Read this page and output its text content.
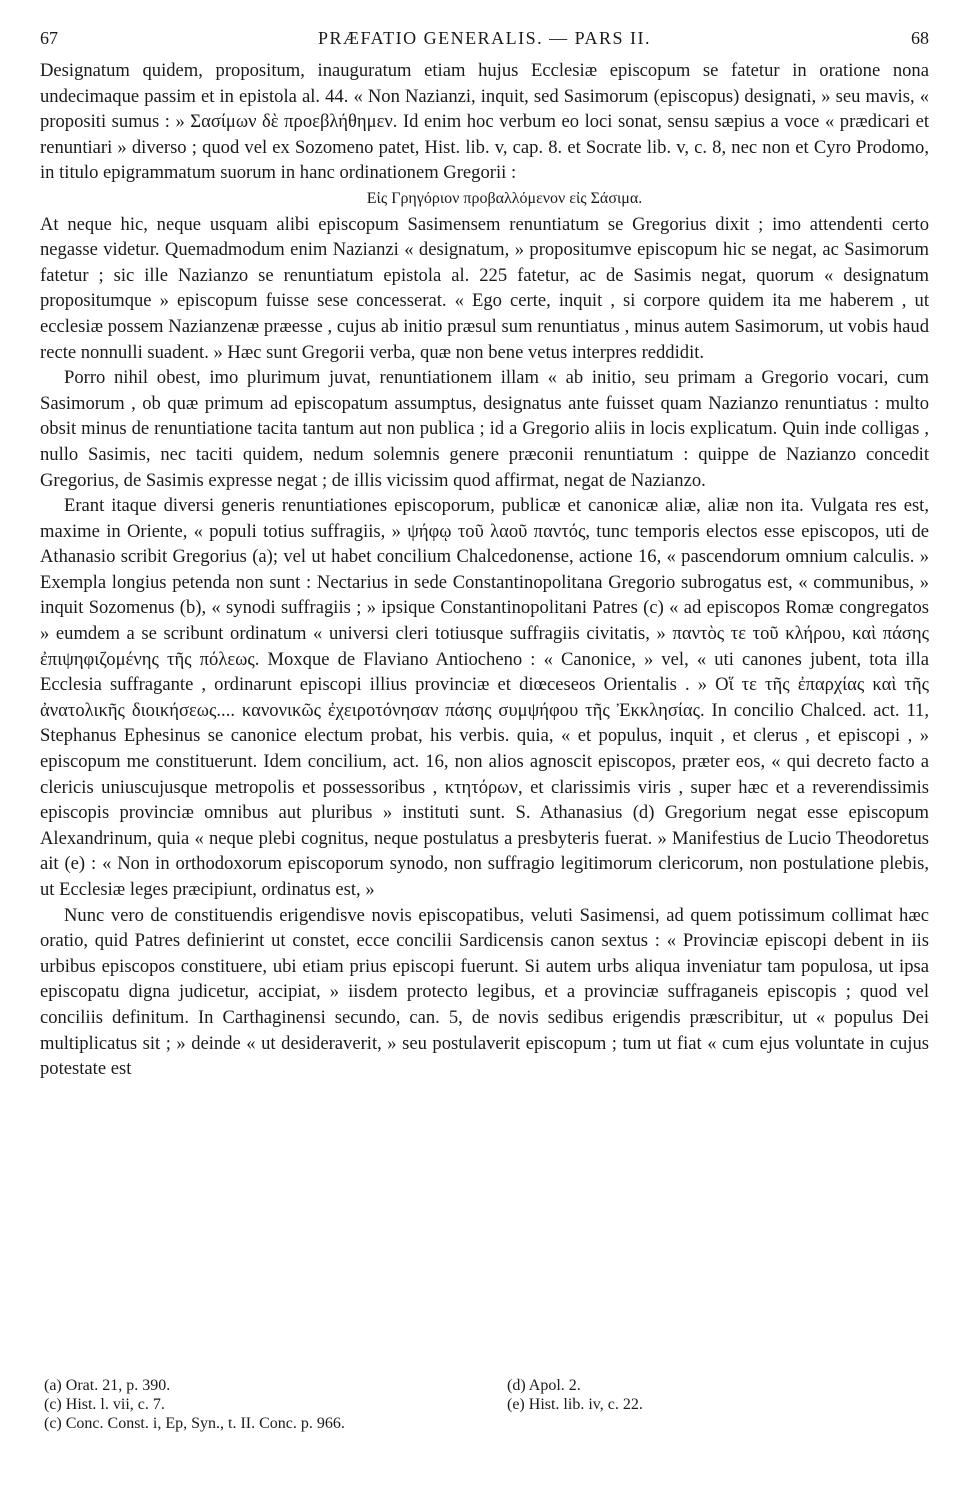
67	PRÆFATIO GENERALIS. — PARS II.	68

Designatum quidem, propositum, inauguratum etiam hujus Ecclesiæ episcopum se fatetur in oratione nona undecimaque passim et in epistola al. 44. « Non Nazianzi, inquit, sed Sasimorum (episcopus) designati, » seu mavis, « propositi sumus : » Σασίμων δὲ προεβλήθημεν. Id enim hoc verbum eo loci sonat, sensu sæpius a voce « prædicari et renuntiari » diverso ; quod vel ex Sozomeno patet, Hist. lib. v, cap. 8. et Socrate lib. v, c. 8, nec non et Cyro Prodomo, in titulo epigrammatum suorum in hanc ordinationem Gregorii :

Εἰς Γρηγόριον προβαλλόμενον εἰς Σάσιμα.

At neque hic, neque usquam alibi episcopum Sasimensem renuntiatum se Gregorius dixit ; imo attendenti certo negasse videtur. Quemadmodum enim Nazianzi « designatum, » propositumve episcopum hic se negat, ac Sasimorum fatetur ; sic ille Nazianzo se renuntiatum epistola al. 225 fatetur, ac de Sasimis negat, quorum « designatum propositumque » episcopum fuisse sese concesserat. « Ego certe, inquit , si corpore quidem ita me haberem , ut ecclesiæ possem Nazianzenæ præesse , cujus ab initio præsul sum renuntiatus , minus autem Sasimorum, ut vobis haud recte nonnulli suadent. » Hæc sunt Gregorii verba, quæ non bene vetus interpres reddidit.

Porro nihil obest, imo plurimum juvat, renuntiationem illam « ab initio, seu primam a Gregorio vocari, cum Sasimorum , ob quæ primum ad episcopatum assumptus, designatus ante fuisset quam Nazianzo renuntiatus : multo obsit minus de renuntiatione tacita tantum aut non publica ; id a Gregorio aliis in locis explicatum. Quin inde colligas , nullo Sasimis, nec taciti quidem, nedum solemnis genere præconii renuntiatum : quippe de Nazianzo concedit Gregorius, de Sasimis expresse negat ; de illis vicissim quod affirmat, negat de Nazianzo.

Erant itaque diversi generis renuntiationes episcoporum, publicæ et canonicæ aliæ, aliæ non ita. Vulgata res est, maxime in Oriente, « populi totius suffragiis, » ψήφῳ τοῦ λαοῦ παντός, tunc temporis electos esse episcopos, uti de Athanasio scribit Gregorius (a); vel ut habet concilium Chalcedonense, actione 16, « pascendorum omnium calculis. » Exempla longius petenda non sunt : Nectarius in sede Constantinopolitana Gregorio subrogatus est, « communibus, » inquit Sozomenus (b), « synodi suffragiis ; » ipsique Constantinopolitani Patres (c) « ad episcopos Romæ congregatos » eumdem a se scribunt ordinatum « universi cleri totiusque suffragiis civitatis, » παντὸς τε τοῦ κλήρου, καὶ πάσης ἐπιψηφιζομένης τῆς πόλεως. Moxque de Flaviano Antiocheno : « Canonice, » vel, « uti canones jubent, tota illa Ecclesia suffragante , ordinarunt episcopi illius provinciæ et diœceseos Orientalis . » Οἵ τε τῆς ἐπαρχίας καὶ τῆς ἀνατολικῆς διοικήσεως.... κανονικῶς ἐχειροτόνησαν πάσης συμψήφου τῆς Ἐκκλησίας. In concilio Chalced. act. 11, Stephanus Ephesinus se canonice electum probat, his verbis. quia, « et populus, inquit , et clerus , et episcopi , » episcopum me constituerunt. Idem concilium, act. 16, non alios agnoscit episcopos, præter eos, « qui decreto facto a clericis uniuscujusque metropolis et possessoribus , κτητόρων, et clarissimis viris , super hæc et a reverendissimis episcopis provinciæ omnibus aut pluribus » instituti sunt. S. Athanasius (d) Gregorium negat esse episcopum Alexandrinum, quia « neque plebi cognitus, neque postulatus a presbyteris fuerat. » Manifestius de Lucio Theodoretus ait (e) : « Non in orthodoxorum episcoporum synodo, non suffragio legitimorum clericorum, non postulatione plebis, ut Ecclesiæ leges præcipiunt, ordinatus est, »

Nunc vero de constituendis erigendisve novis episcopatibus, veluti Sasimensi, ad quem potissimum collimat hæc oratio, quid Patres definierint ut constet, ecce concilii Sardicensis canon sextus : « Provinciæ episcopi debent in iis urbibus episcopos constituere, ubi etiam prius episcopi fuerunt. Si autem urbs aliqua inveniatur tam populosa, ut ipsa episcopatu digna judicetur, accipiat, » iisdem protecto legibus, et a provinciæ suffraganeis episcopis ; quod vel conciliis definitum. In Carthaginensi secundo, can. 5, de novis sedibus erigendis præscribitur, ut « populus Dei multiplicatus sit ; » deinde « ut desideraverit, » seu postulaverit episcopum ; tum ut fiat « cum ejus voluntate in cujus potestate est

(a) Orat. 21, p. 390.
(c) Hist. l. vii, c. 7.
(c) Conc. Const. i, Ep, Syn., t. II. Conc. p. 966.
(d) Apol. 2.
(e) Hist. lib. iv, c. 22.
